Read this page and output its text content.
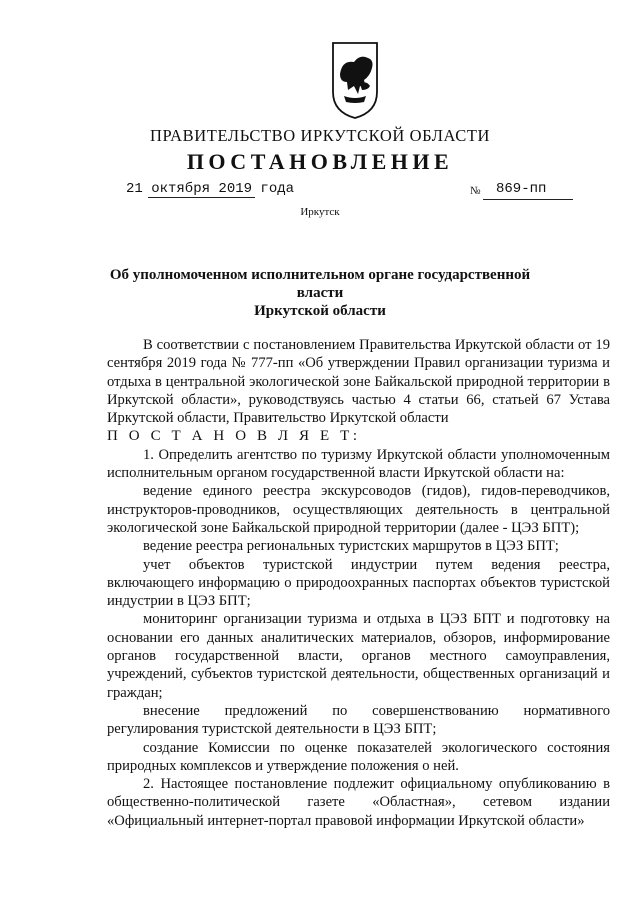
ПРАВИТЕЛЬСТВО ИРКУТСКОЙ ОБЛАСТИ
ПОСТАНОВЛЕНИЕ
21 октября 2019 года	№ 869-пп
Иркутск
Об уполномоченном исполнительном органе государственной власти
Иркутской области

В соответствии с постановлением Правительства Иркутской области от 19 сентября 2019 года № 777-пп «Об утверждении Правил организации туризма и отдыха в центральной экологической зоне Байкальской природной территории в Иркутской области», руководствуясь частью 4 статьи 66, статьей 67 Устава Иркутской области, Правительство Иркутской области

П О С Т А Н О В Л Я Е Т:

1. Определить агентство по туризму Иркутской области уполномоченным исполнительным органом государственной власти Иркутской области на:

ведение единого реестра экскурсоводов (гидов), гидов-переводчиков, инструкторов-проводников, осуществляющих деятельность в центральной экологической зоне Байкальской природной территории (далее - ЦЭЗ БПТ);

ведение реестра региональных туристских маршрутов в ЦЭЗ БПТ;

учет объектов туристской индустрии путем ведения реестра, включающего информацию о природоохранных паспортах объектов туристской индустрии в ЦЭЗ БПТ;

мониторинг организации туризма и отдыха в ЦЭЗ БПТ и подготовку на основании его данных аналитических материалов, обзоров, информирование органов государственной власти, органов местного самоуправления, учреждений, субъектов туристской деятельности, общественных организаций и граждан;

внесение предложений по совершенствованию нормативного регулирования туристской деятельности в ЦЭЗ БПТ;

создание Комиссии по оценке показателей экологического состояния природных комплексов и утверждение положения о ней.

2. Настоящее постановление подлежит официальному опубликованию в общественно-политической газете «Областная», сетевом издании «Официальный интернет-портал правовой информации Иркутской области»
